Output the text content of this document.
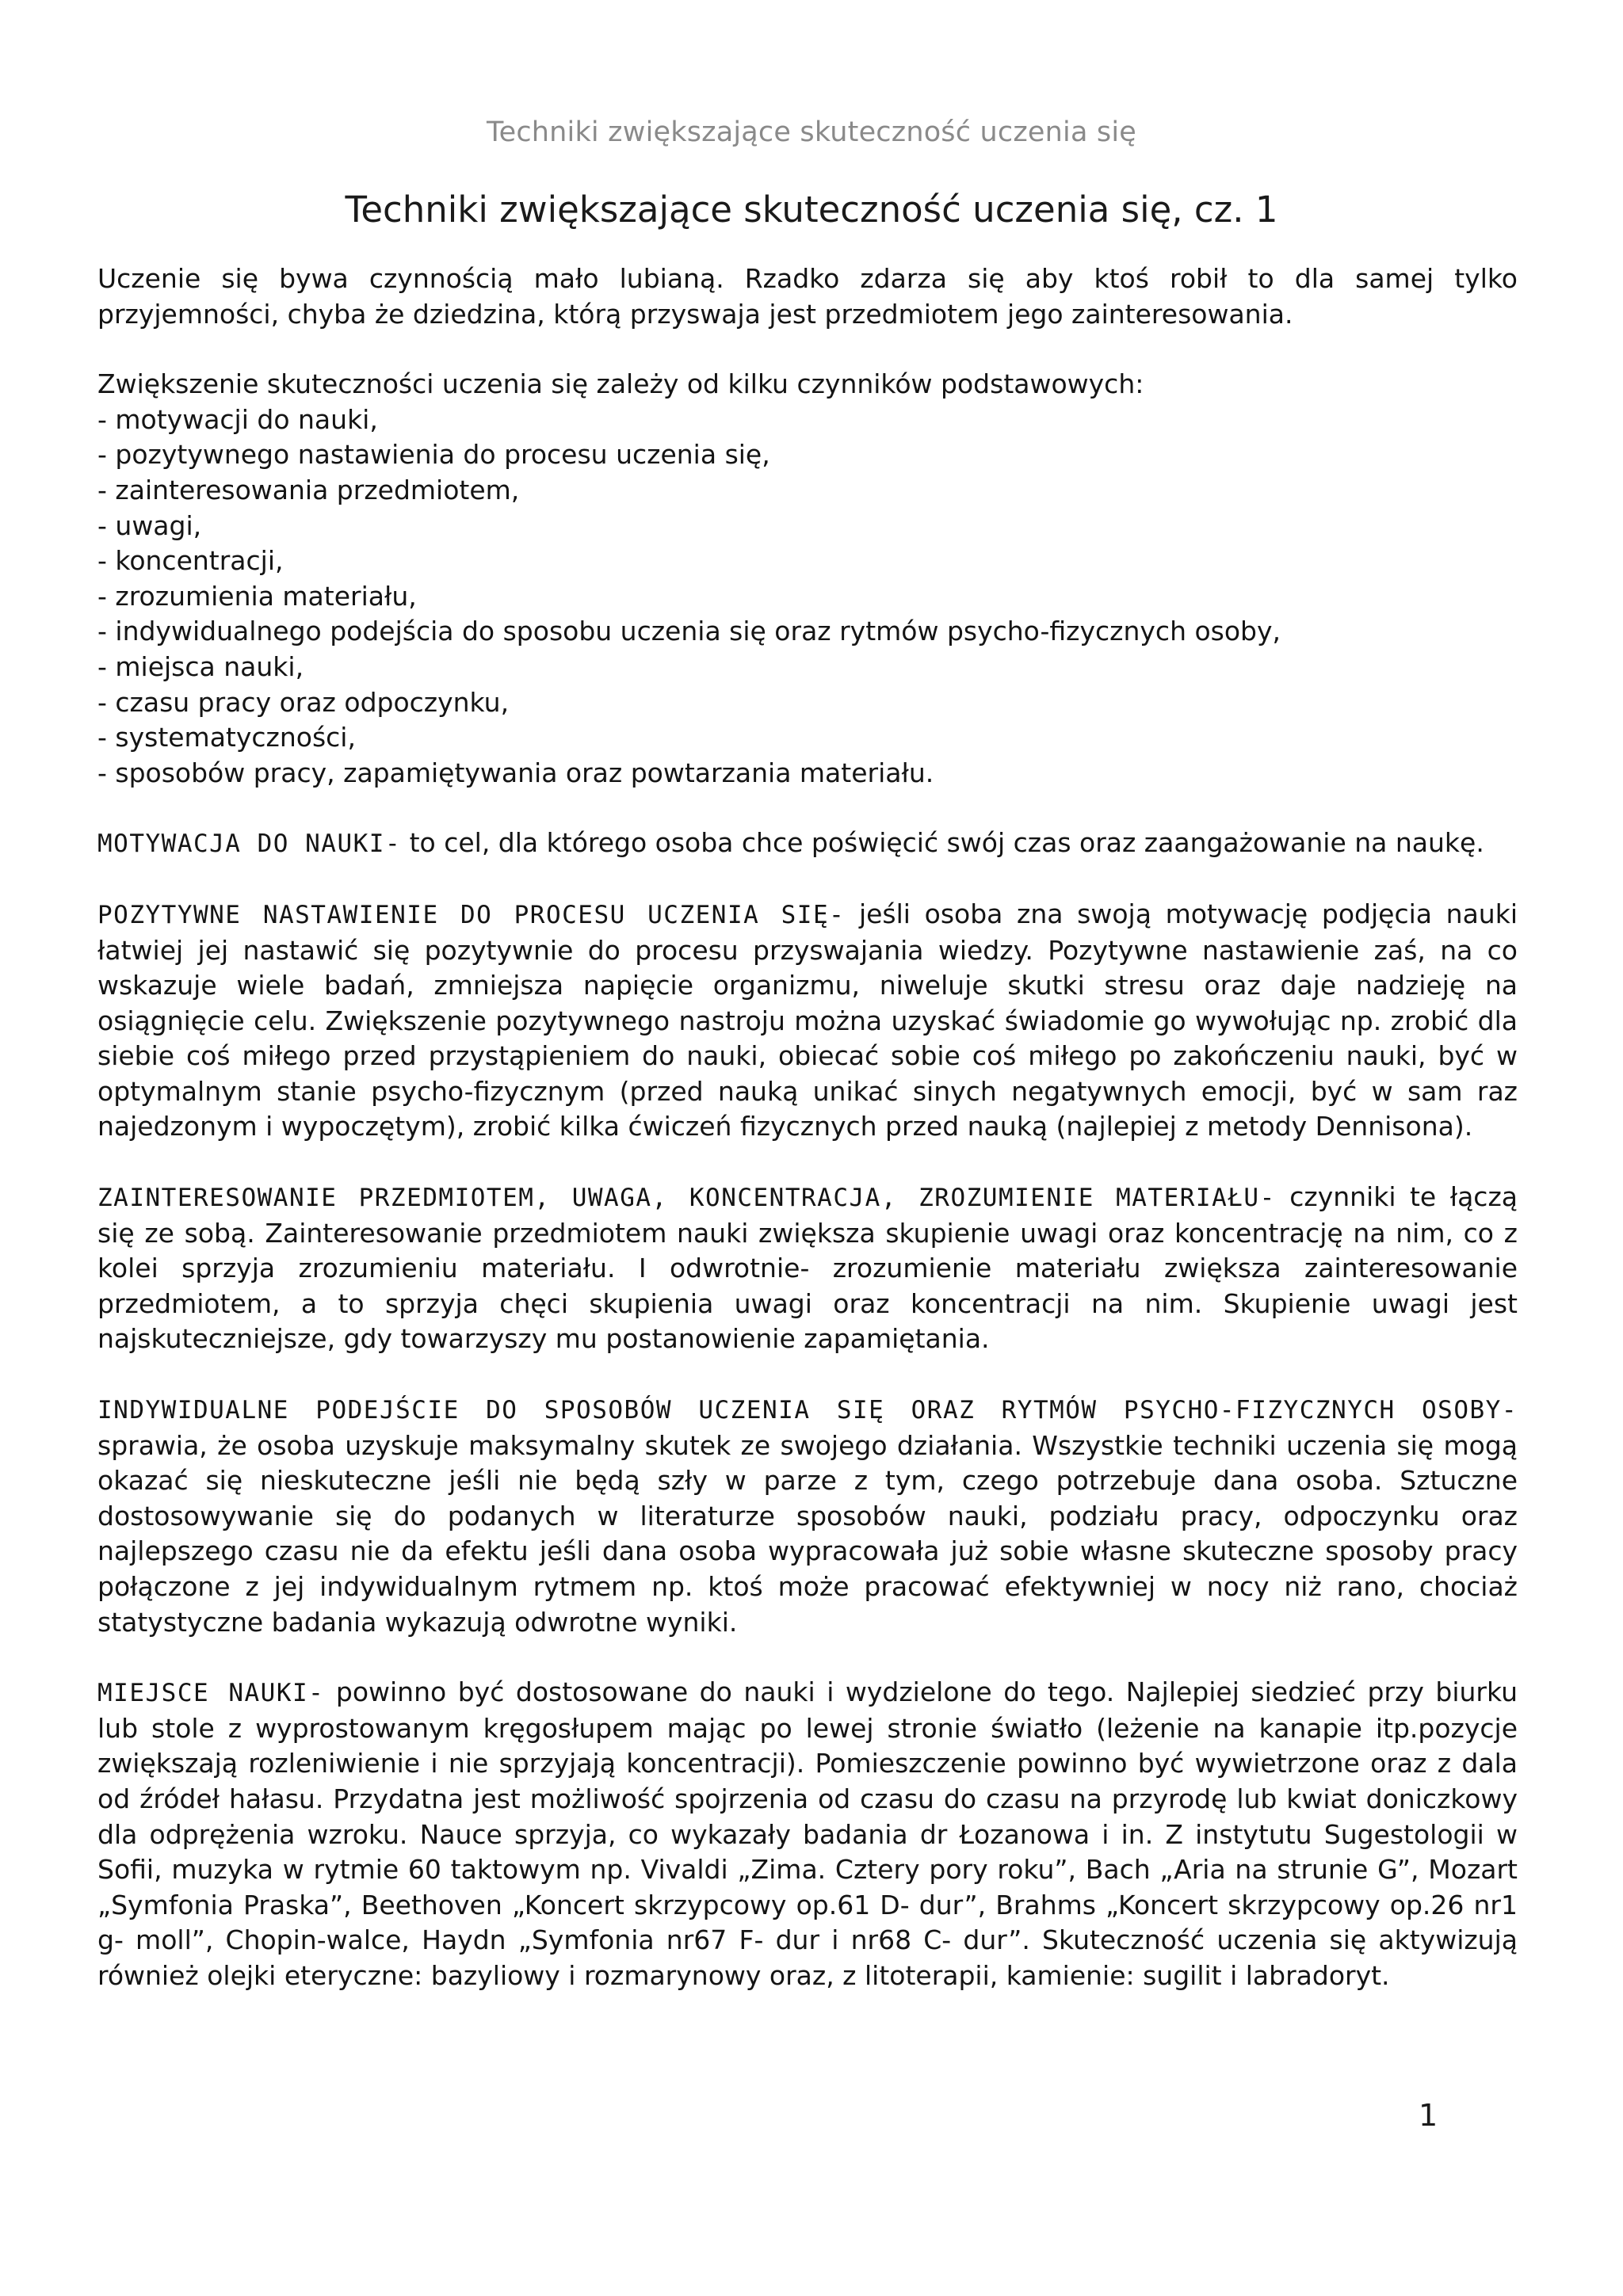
Techniki zwiększające skuteczność uczenia się
Techniki zwiększające skuteczność uczenia się, cz. 1

Uczenie się bywa czynnością mało lubianą. Rzadko zdarza się aby ktoś robił to dla samej tylko przyjemności, chyba że dziedzina, którą przyswaja jest przedmiotem jego zainteresowania.

Zwiększenie skuteczności uczenia się zależy od kilku czynników podstawowych:
- motywacji do nauki,
- pozytywnego nastawienia do procesu uczenia się,
- zainteresowania przedmiotem,
- uwagi,
- koncentracji,
- zrozumienia materiału,
- indywidualnego podejścia do sposobu uczenia się oraz rytmów psycho-fizycznych osoby,
- miejsca nauki,
- czasu pracy oraz odpoczynku,
- systematyczności,
- sposobów pracy, zapamiętywania oraz powtarzania materiału.

MOTYWACJA DO NAUKI- to cel, dla którego osoba chce poświęcić swój czas oraz zaangażowanie na naukę.

POZYTYWNE NASTAWIENIE DO PROCESU UCZENIA SIĘ- jeśli osoba zna swoją motywację podjęcia nauki łatwiej jej nastawić się pozytywnie do procesu przyswajania wiedzy. Pozytywne nastawienie zaś, na co wskazuje wiele badań, zmniejsza napięcie organizmu, niweluje skutki stresu oraz daje nadzieję na osiągnięcie celu. Zwiększenie pozytywnego nastroju można uzyskać świadomie go wywołując np. zrobić dla siebie coś miłego przed przystąpieniem do nauki, obiecać sobie coś miłego po zakończeniu nauki, być w optymalnym stanie psycho-fizycznym (przed nauką unikać sinych negatywnych emocji, być w sam raz najedzonym i wypoczętym), zrobić kilka ćwiczeń fizycznych przed nauką (najlepiej z metody Dennisona).

ZAINTERESOWANIE PRZEDMIOTEM, UWAGA, KONCENTRACJA, ZROZUMIENIE MATERIAŁU- czynniki te łączą się ze sobą. Zainteresowanie przedmiotem nauki zwiększa skupienie uwagi oraz koncentrację na nim, co z kolei sprzyja zrozumieniu materiału. I odwrotnie- zrozumienie materiału zwiększa zainteresowanie przedmiotem, a to sprzyja chęci skupienia uwagi oraz koncentracji na nim. Skupienie uwagi jest najskuteczniejsze, gdy towarzyszy mu postanowienie zapamiętania.

INDYWIDUALNE PODEJŚCIE DO SPOSOBÓW UCZENIA SIĘ ORAZ RYTMÓW PSYCHO-FIZYCZNYCH OSOBY- sprawia, że osoba uzyskuje maksymalny skutek ze swojego działania. Wszystkie techniki uczenia się mogą okazać się nieskuteczne jeśli nie będą szły w parze z tym, czego potrzebuje dana osoba. Sztuczne dostosowywanie się do podanych w literaturze sposobów nauki, podziału pracy, odpoczynku oraz najlepszego czasu nie da efektu jeśli dana osoba wypracowała już sobie własne skuteczne sposoby pracy połączone z jej indywidualnym rytmem np. ktoś może pracować efektywniej w nocy niż rano, chociaż statystyczne badania wykazują odwrotne wyniki.

MIEJSCE NAUKI- powinno być dostosowane do nauki i wydzielone do tego. Najlepiej siedzieć przy biurku lub stole z wyprostowanym kręgosłupem mając po lewej stronie światło (leżenie na kanapie itp.pozycje zwiększają rozleniwienie i nie sprzyjają koncentracji). Pomieszczenie powinno być wywietrzone oraz z dala od źródeł hałasu. Przydatna jest możliwość spojrzenia od czasu do czasu na przyrodę lub kwiat doniczkowy dla odprężenia wzroku. Nauce sprzyja, co wykazały badania dr Łozanowa i in. Z instytutu Sugestologii w Sofii, muzyka w rytmie 60 taktowym np. Vivaldi „Zima. Cztery pory roku”, Bach „Aria na strunie G”, Mozart „Symfonia Praska”, Beethoven „Koncert skrzypcowy op.61 D- dur”, Brahms „Koncert skrzypcowy op.26 nr1 g- moll”, Chopin-walce, Haydn „Symfonia nr67 F- dur i nr68 C- dur”. Skuteczność uczenia się aktywizują również olejki eteryczne: bazyliowy i rozmarynowy oraz, z litoterapii, kamienie: sugilit i labradoryt.

1
